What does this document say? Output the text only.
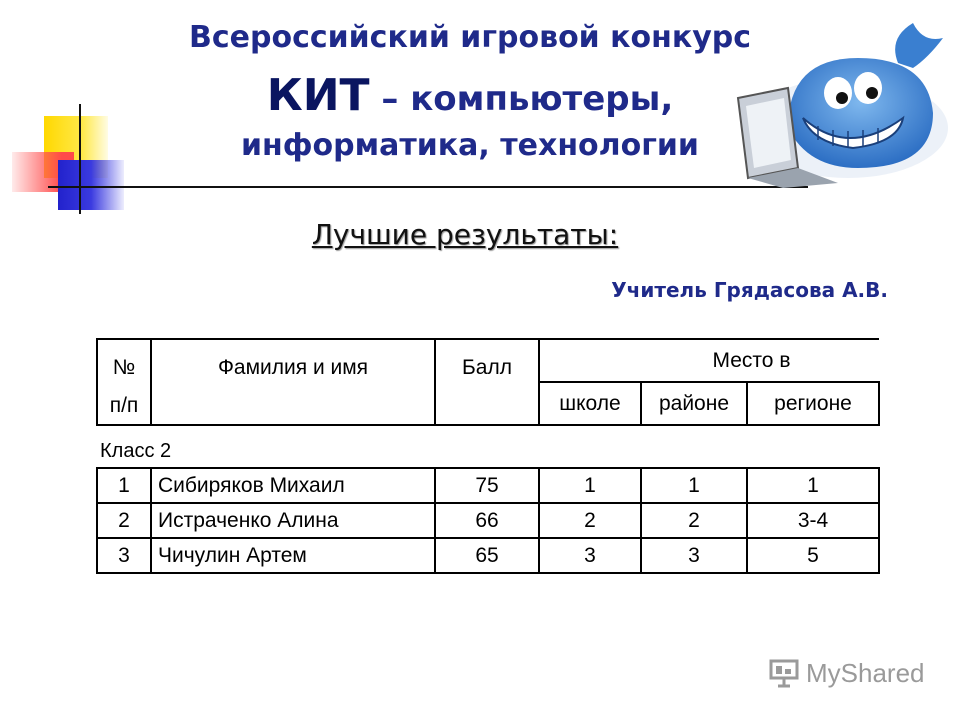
Всероссийский игровой конкурс
КИТ – компьютеры,
информатика, технологии
Лучшие результаты:
Учитель Грядасова А.В.
№
п/п	Фамилия и имя	Балл	Место в		
			школе	районе	регионе
Класс 2
1	Сибиряков Михаил	75	1	1	1
2	Истраченко Алина	66	2	2	3-4
3	Чичулин Артем	65	3	3	5
MyShared
